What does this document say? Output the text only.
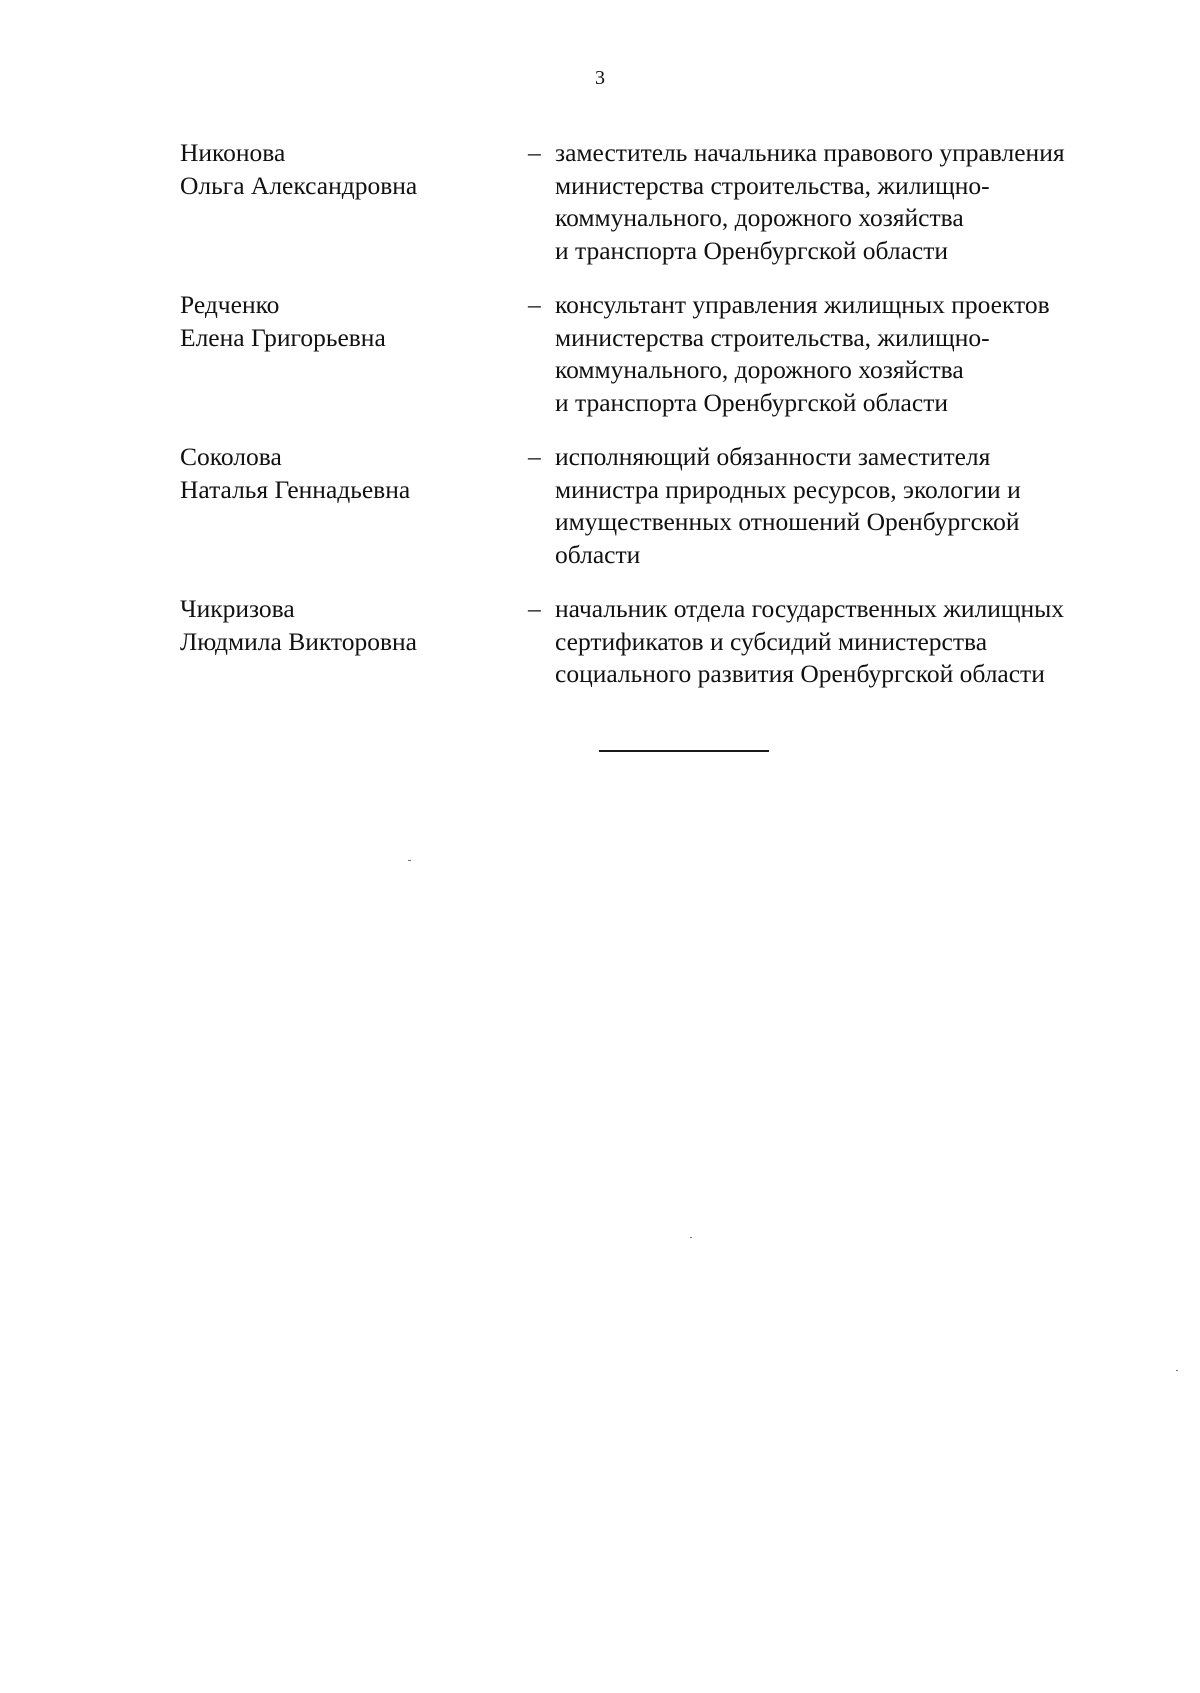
3
Никонова
Ольга Александровна
– заместитель начальника правового управления
министерства строительства, жилищно-
коммунального, дорожного хозяйства
и транспорта Оренбургской области
Редченко
Елена Григорьевна
– консультант управления жилищных проектов
министерства строительства, жилищно-
коммунального, дорожного хозяйства
и транспорта Оренбургской области
Соколова
Наталья Геннадьевна
– исполняющий обязанности заместителя
министра природных ресурсов, экологии и
имущественных отношений Оренбургской
области
Чикризова
Людмила Викторовна
– начальник отдела государственных жилищных
сертификатов и субсидий министерства
социального развития Оренбургской области
